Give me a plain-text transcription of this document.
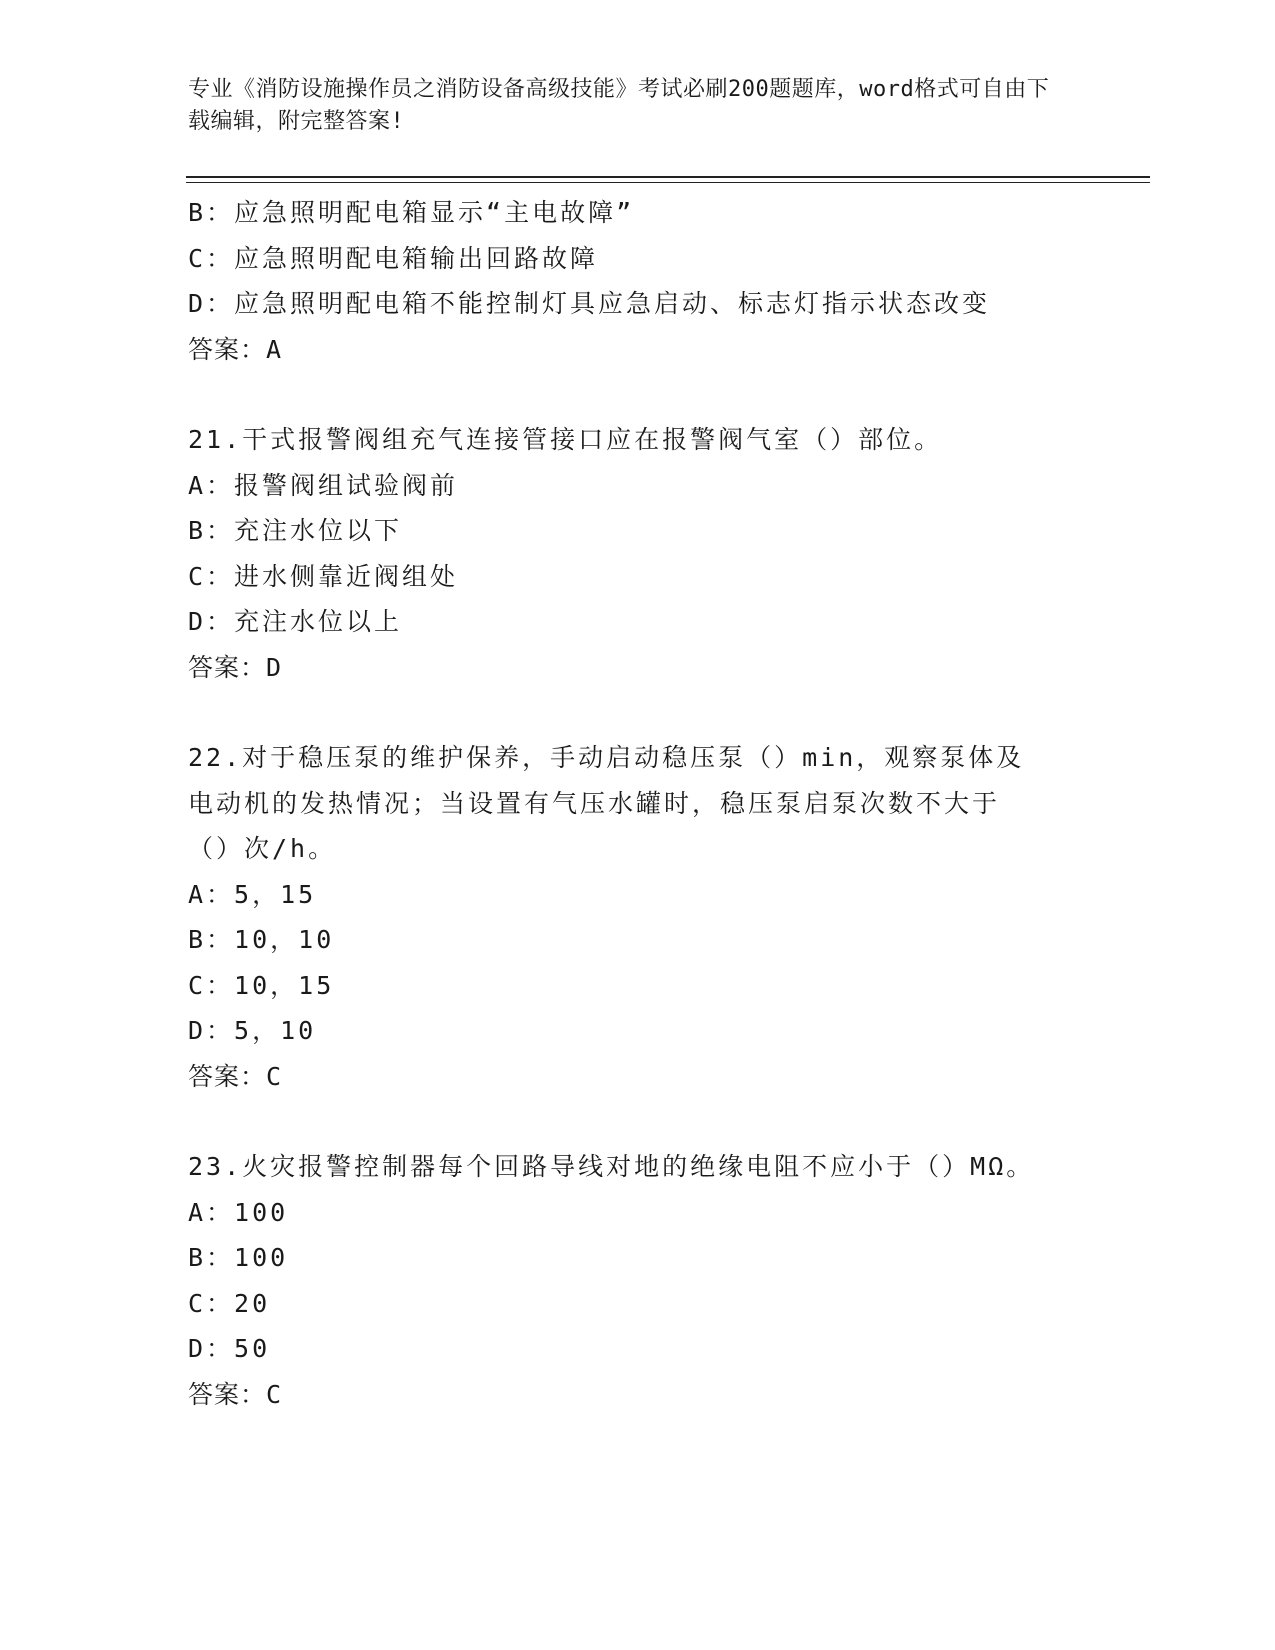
专业《消防设施操作员之消防设备高级技能》考试必刷200题题库，word格式可自由下载编辑，附完整答案!
B：应急照明配电箱显示“主电故障”
C：应急照明配电箱输出回路故障
D：应急照明配电箱不能控制灯具应急启动、标志灯指示状态改变
答案：A
21.干式报警阀组充气连接管接口应在报警阀气室（）部位。
A：报警阀组试验阀前
B：充注水位以下
C：进水侧靠近阀组处
D：充注水位以上
答案：D
22.对于稳压泵的维护保养，手动启动稳压泵（）min，观察泵体及电动机的发热情况；当设置有气压水罐时，稳压泵启泵次数不大于（）次/h。
A：5，15
B：10，10
C：10，15
D：5，10
答案：C
23.火灾报警控制器每个回路导线对地的绝缘电阻不应小于（）MΩ。
A：100
B：100
C：20
D：50
答案：C
